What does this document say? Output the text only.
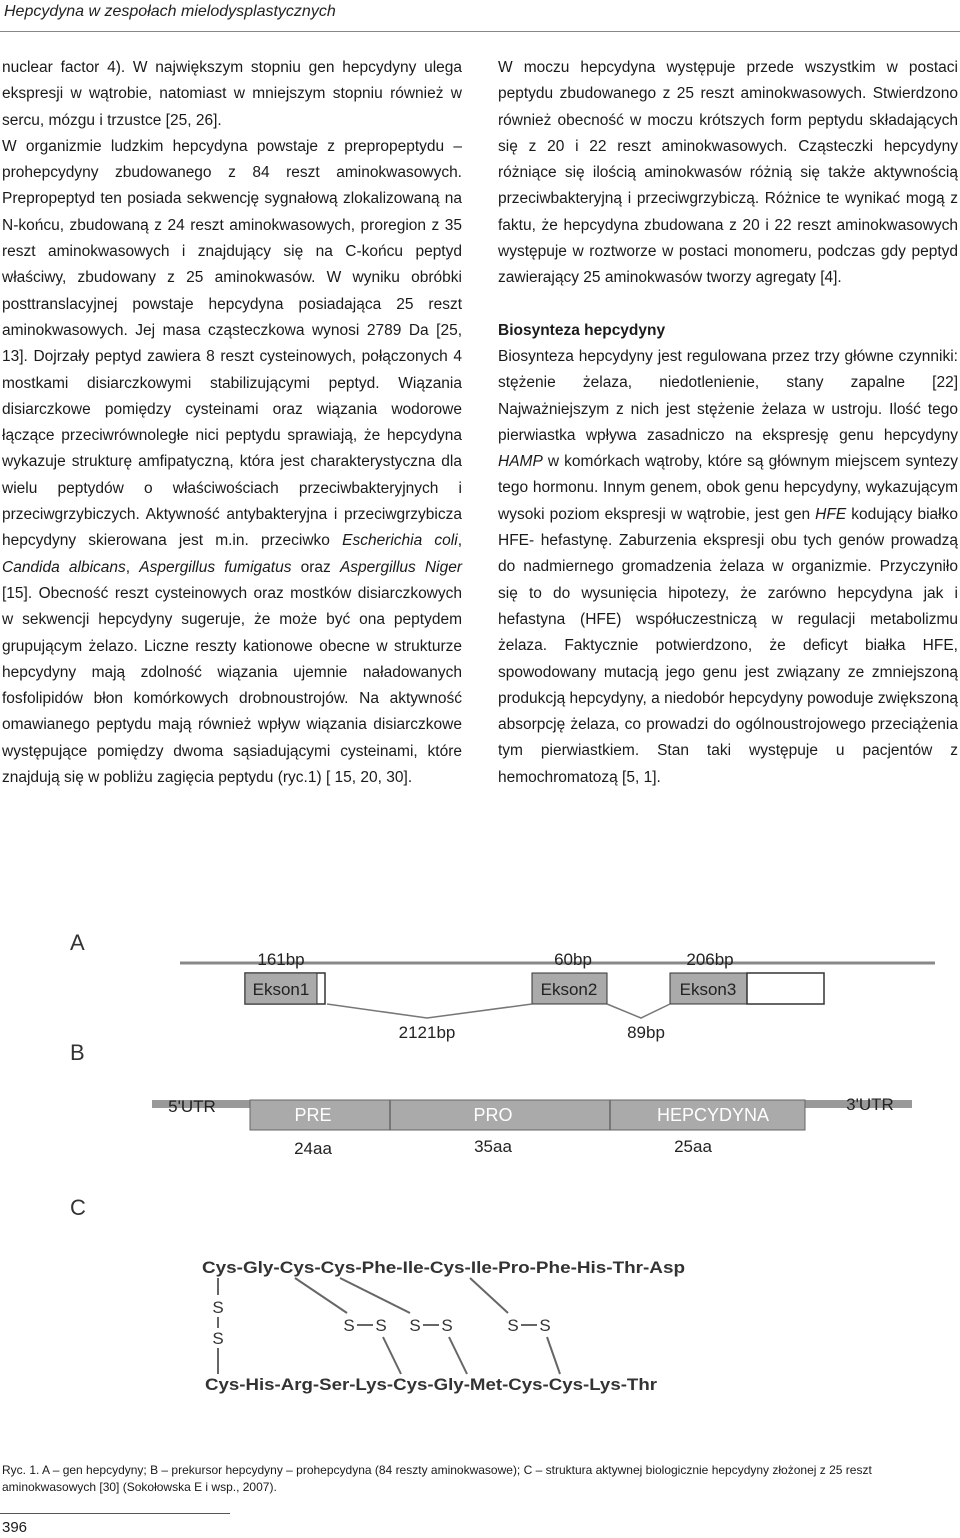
Hepcydyna w zespołach mielodysplastycznych

nuclear factor 4). W największym stopniu gen hepcydyny ulega ekspresji w wątrobie, natomiast w mniejszym stopniu również w sercu, mózgu i trzustce [25, 26].

W organizmie ludzkim hepcydyna powstaje z prepropeptydu – prohepcydyny zbudowanego z 84 reszt aminokwasowych. Prepropeptyd ten posiada sekwencję sygnałową zlokalizowaną na N-końcu, zbudowaną z 24 reszt aminokwasowych, proregion z 35 reszt aminokwasowych i znajdujący się na C-końcu peptyd właściwy, zbudowany z 25 aminokwasów. W wyniku obróbki posttranslacyjnej powstaje hepcydyna posiadająca 25 reszt aminokwasowych. Jej masa cząsteczkowa wynosi 2789 Da [25, 13]. Dojrzały peptyd zawiera 8 reszt cysteinowych, połączonych 4 mostkami disiarczkowymi stabilizującymi peptyd. Wiązania disiarczkowe pomiędzy cysteinami oraz wiązania wodorowe łączące przeciwrównoległe nici peptydu sprawiają, że hepcydyna wykazuje strukturę amfipatyczną, która jest charakterystyczna dla wielu peptydów o właściwościach przeciwbakteryjnych i przeciwgrzybiczych. Aktywność antybakteryjna i przeciwgrzybicza hepcydyny skierowana jest m.in. przeciwko Escherichia coli, Candida albicans, Aspergillus fumigatus oraz Aspergillus Niger [15]. Obecność reszt cysteinowych oraz mostków disiarczkowych w sekwencji hepcydyny sugeruje, że może być ona peptydem grupującym żelazo. Liczne reszty kationowe obecne w strukturze hepcydyny mają zdolność wiązania ujemnie naładowanych fosfolipidów błon komórkowych drobnoustrojów. Na aktywność omawianego peptydu mają również wpływ wiązania disiarczkowe występujące pomiędzy dwoma sąsiadującymi cysteinami, które znajdują się w pobliżu zagięcia peptydu (ryc.1) [ 15, 20, 30].

W moczu hepcydyna występuje przede wszystkim w postaci peptydu zbudowanego z 25 reszt aminokwasowych. Stwierdzono również obecność w moczu krótszych form peptydu składających się z 20 i 22 reszt aminokwasowych. Cząsteczki hepcydyny różniące się ilością aminokwasów różnią się także aktywnością przeciwbakteryjną i przeciwgrzybiczą. Różnice te wynikać mogą z faktu, że hepcydyna zbudowana z 20 i 22 reszt aminokwasowych występuje w roztworze w postaci monomeru, podczas gdy peptyd zawierający 25 aminokwasów tworzy agregaty [4].

Biosynteza hepcydyny

Biosynteza hepcydyny jest regulowana przez trzy główne czynniki: stężenie żelaza, niedotlenienie, stany zapalne [22] Najważniejszym z nich jest stężenie żelaza w ustroju. Ilość tego pierwiastka wpływa zasadniczo na ekspresję genu hepcydyny HAMP w komórkach wątroby, które są głównym miejscem syntezy tego hormonu. Innym genem, obok genu hepcydyny, wykazującym wysoki poziom ekspresji w wątrobie, jest gen HFE kodujący białko HFE- hefastynę. Zaburzenia ekspresji obu tych genów prowadzą do nadmiernego gromadzenia żelaza w organizmie. Przyczyniło się to do wysunięcia hipotezy, że zarówno hepcydyna jak i hefastyna (HFE) współuczestniczą w regulacji metabolizmu żelaza. Faktycznie potwierdzono, że deficyt białka HFE, spowodowany mutacją jego genu jest związany ze zmniejszoną produkcją hepcydyny, a niedobór hepcydyny powoduje zwiększoną absorpcję żelaza, co prowadzi do ogólnoustrojowego przeciążenia tym pierwiastkiem. Stan taki występuje u pacjentów z hemochromatozą [5, 1].

A
Ekson1
161bp
Ekson2
60bp
Ekson3
206bp
2121bp	89bp
B
5'UTR	3'UTR
PRE	PRO	HEPCYDYNA
24aa	35aa	25aa
C
Cys-Gly-Cys-Cys-Phe-Ile-Cys-Ile-Pro-Phe-His-Thr-Asp
Cys-His-Arg-Ser-Lys-Cys-Gly-Met-Cys-Cys-Lys-Thr
S
S
S S S S	S S
Ryc. 1. A – gen hepcydyny; B – prekursor hepcydyny – prohepcydyna (84 reszty aminokwasowe); C – struktura aktywnej biologicznie hepcydyny złożonej z 25 reszt aminokwasowych [30] (Sokołowska E i wsp., 2007).
396
